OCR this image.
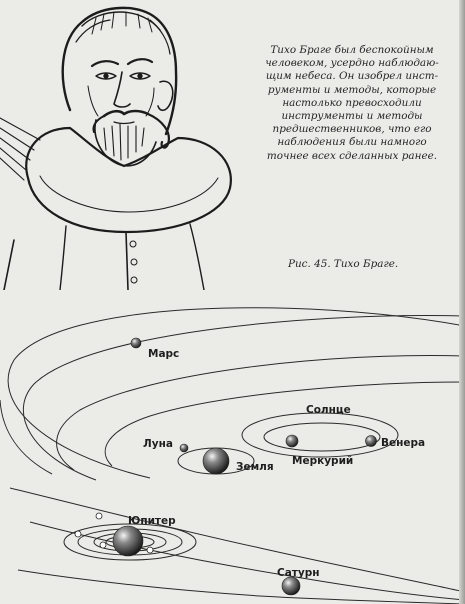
Тихо Браге был беспокойным
человеком, усердно наблюдаю-
щим небеса. Он изобрел инст-
рументы и методы, которые
настолько превосходили
инструменты и методы
предшественников, что его
наблюдения были намного
точнее всех сделанных ранее.
Рис. 45. Тихо Браге.
Марс
Солнце
Венера
Луна
Земля Меркурий
Юпитер
Сатурн
